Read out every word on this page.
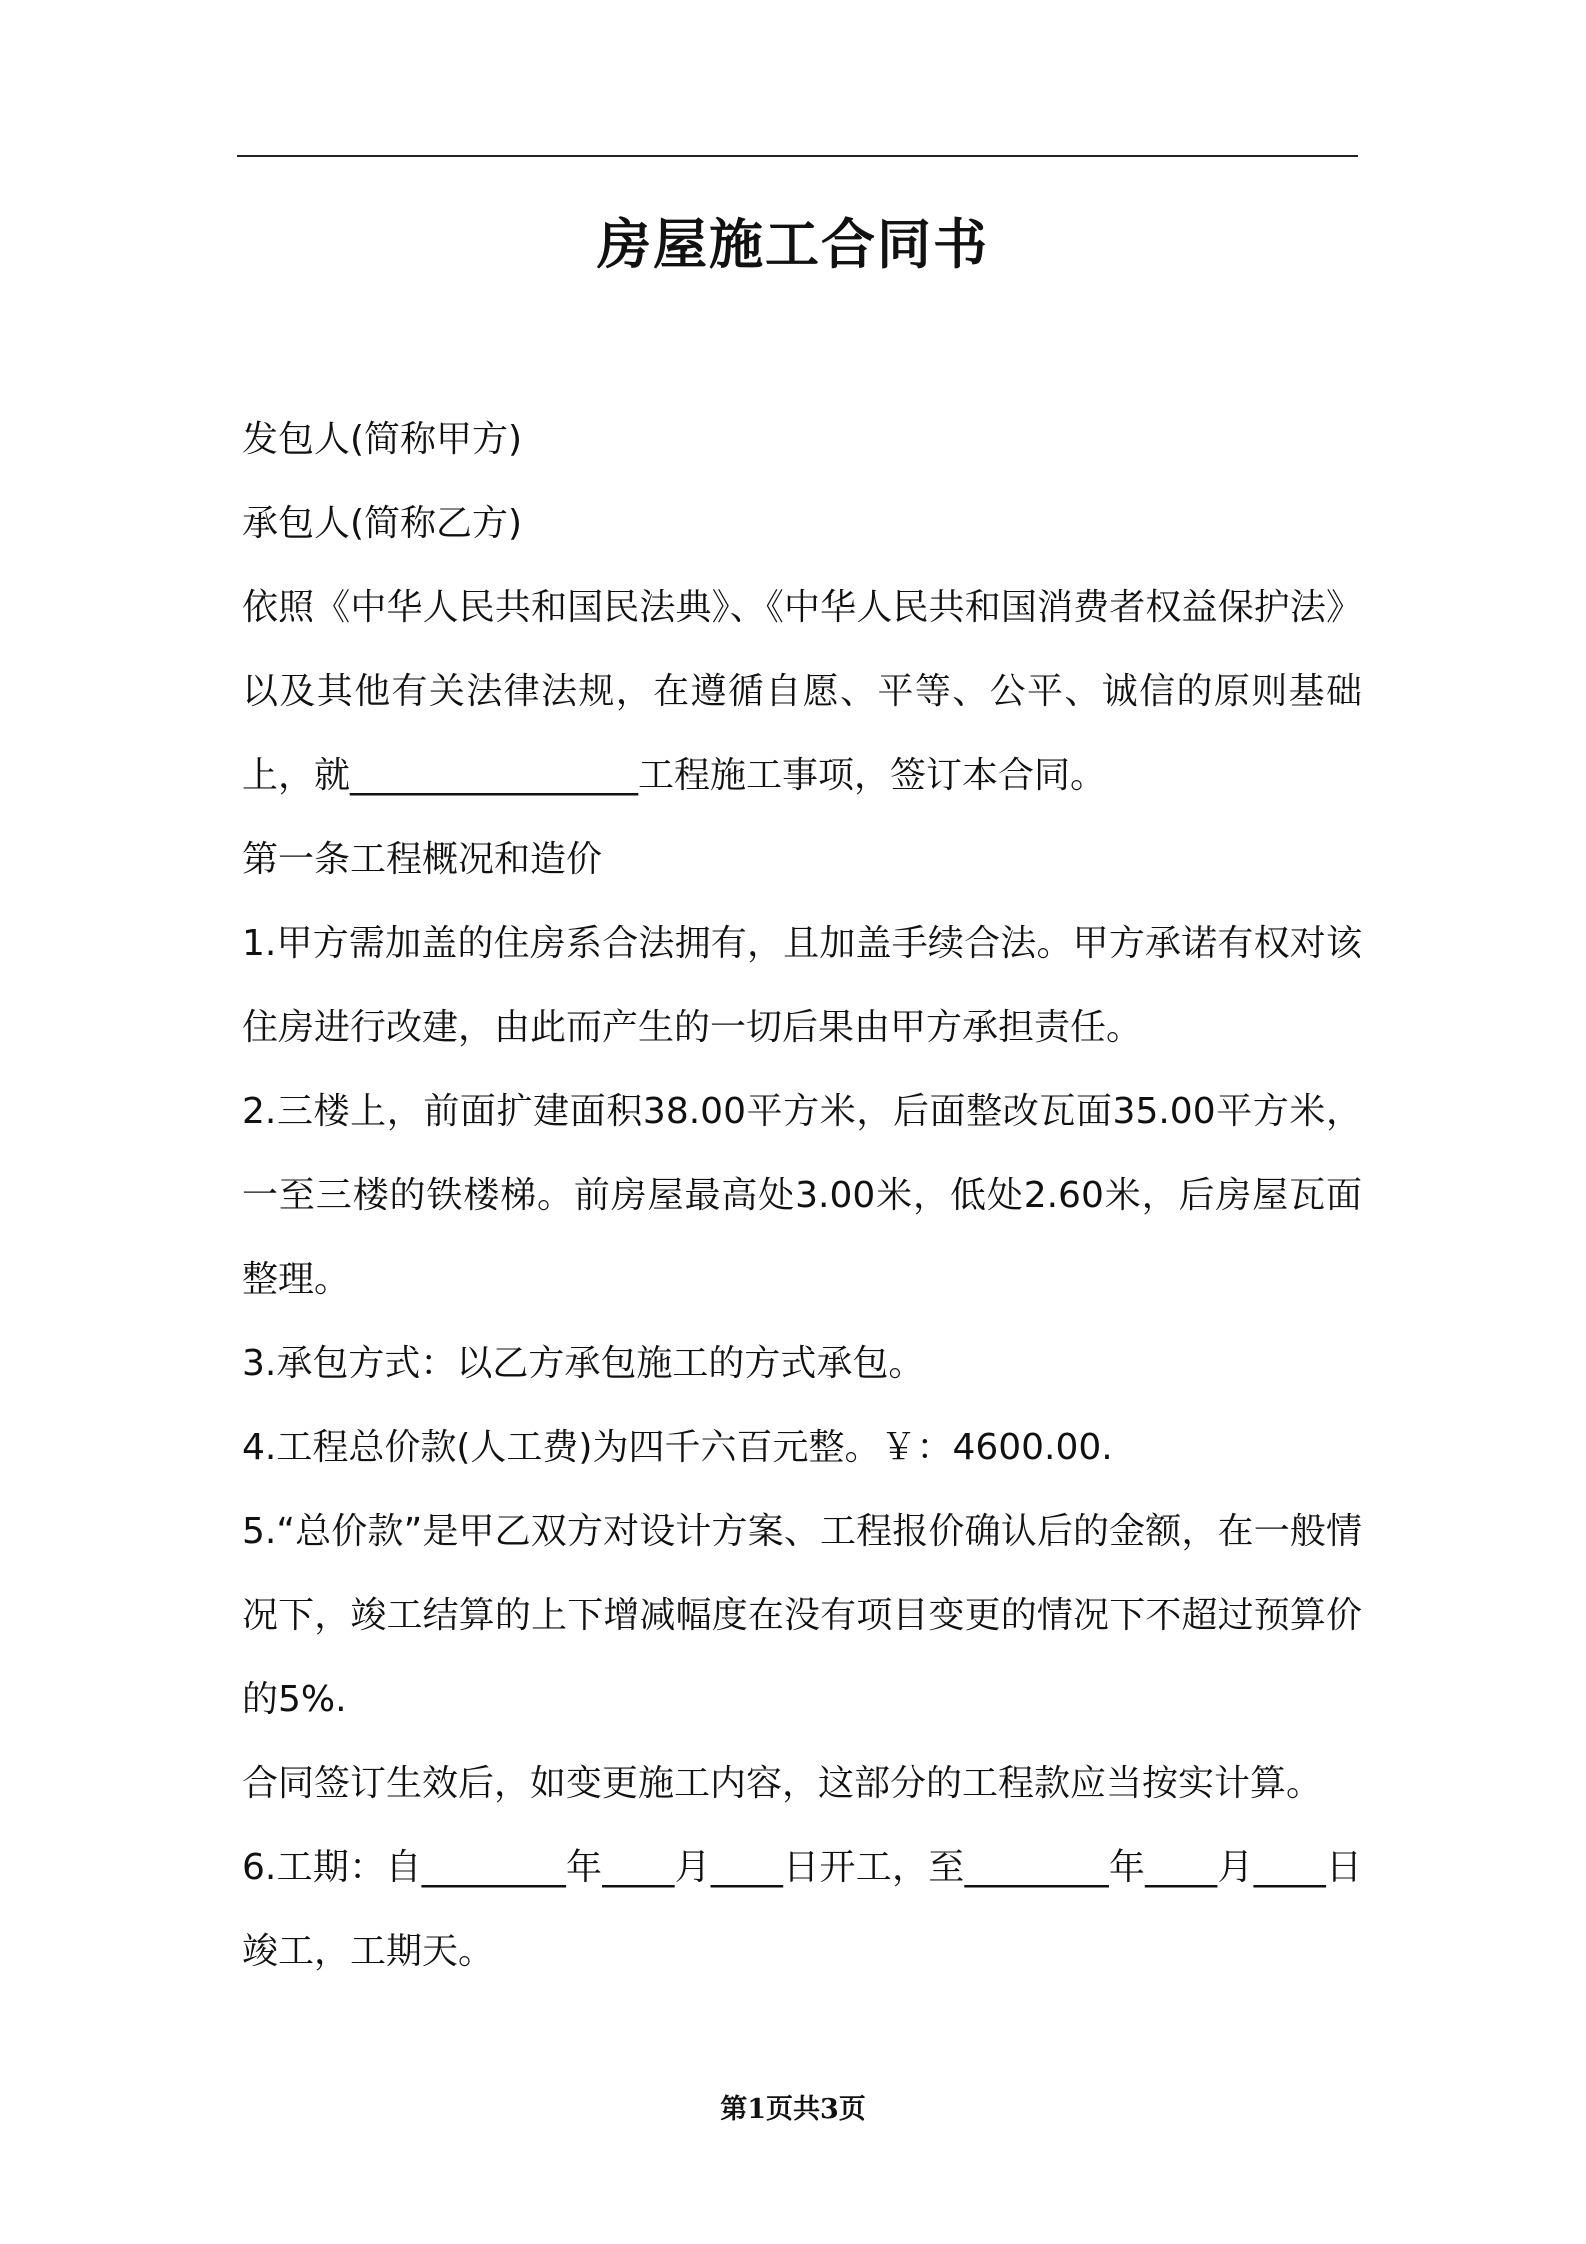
房屋施工合同书

发包人(简称甲方)

承包人(简称乙方)

依照《中华人民共和国民法典》、《中华人民共和国消费者权益保护法》以及其他有关法律法规，在遵循自愿、平等、公平、诚信的原则基础上，就________________工程施工事项，签订本合同。

第一条工程概况和造价

1.甲方需加盖的住房系合法拥有，且加盖手续合法。甲方承诺有权对该住房进行改建，由此而产生的一切后果由甲方承担责任。

2.三楼上，前面扩建面积38.00平方米，后面整改瓦面35.00平方米，一至三楼的铁楼梯。前房屋最高处3.00米，低处2.60米，后房屋瓦面整理。

3.承包方式：以乙方承包施工的方式承包。

4.工程总价款(人工费)为四千六百元整。￥：4600.00.

5.“总价款”是甲乙双方对设计方案、工程报价确认后的金额，在一般情况下，竣工结算的上下增减幅度在没有项目变更的情况下不超过预算价的5%.

合同签订生效后，如变更施工内容，这部分的工程款应当按实计算。

6.工期：自________年____月____日开工，至________年____月____日竣工，工期天。

第1页共3页
